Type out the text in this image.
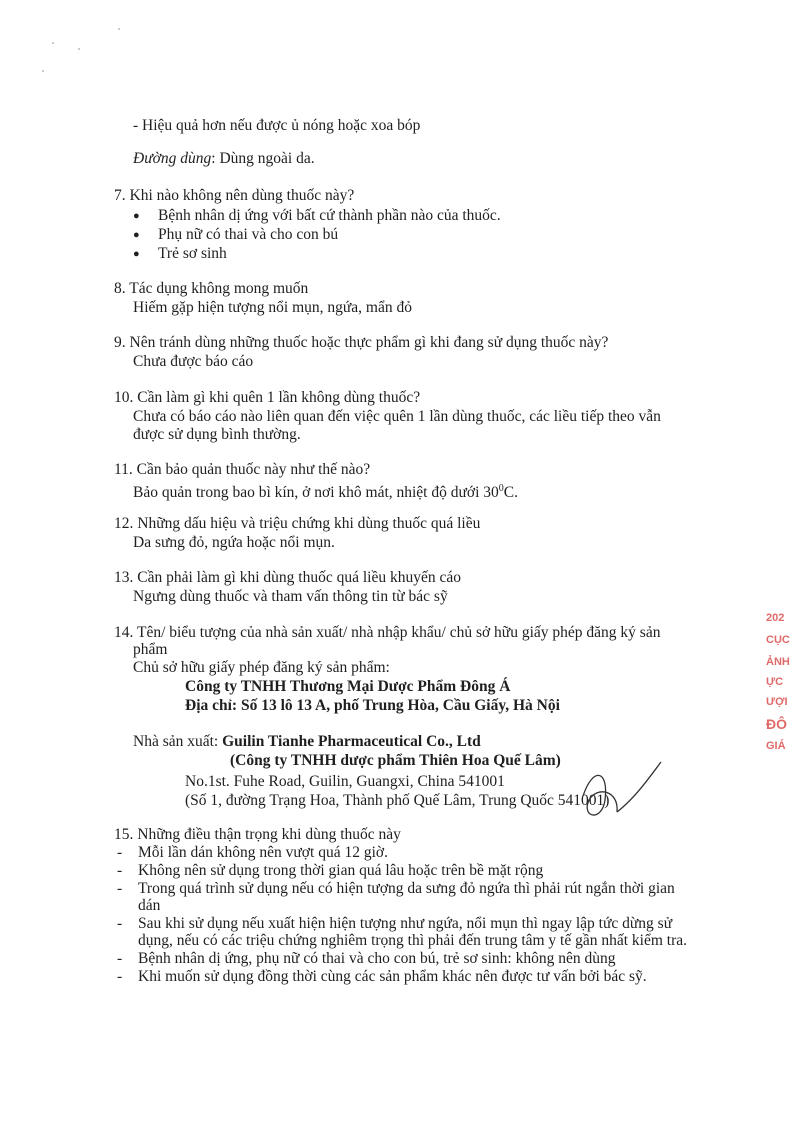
- Hiệu quả hơn nếu được ủ nóng hoặc xoa bóp
Đường dùng: Dùng ngoài da.
7. Khi nào không nên dùng thuốc này?
● Bệnh nhân dị ứng với bất cứ thành phần nào của thuốc.
● Phụ nữ có thai và cho con bú
● Trẻ sơ sinh
8. Tác dụng không mong muốn
Hiếm gặp hiện tượng nổi mụn, ngứa, mẩn đỏ
9. Nên tránh dùng những thuốc hoặc thực phẩm gì khi đang sử dụng thuốc này?
Chưa được báo cáo
10. Cần làm gì khi quên 1 lần không dùng thuốc?
Chưa có báo cáo nào liên quan đến việc quên 1 lần dùng thuốc, các liều tiếp theo vẫn
được sử dụng bình thường.
11. Cần bảo quản thuốc này như thế nào?
Bảo quản trong bao bì kín, ở nơi khô mát, nhiệt độ dưới $30^0C$.
12. Những dấu hiệu và triệu chứng khi dùng thuốc quá liều
Da sưng đỏ, ngứa hoặc nổi mụn.
13. Cần phải làm gì khi dùng thuốc quá liều khuyến cáo
Ngưng dùng thuốc và tham vấn thông tin từ bác sỹ
14. Tên/ biểu tượng của nhà sản xuất/ nhà nhập khẩu/ chủ sở hữu giấy phép đăng ký sản
phẩm
Chủ sở hữu giấy phép đăng ký sản phẩm:
Công ty TNHH Thương Mại Dược Phẩm Đông Á
Địa chỉ: Số 13 lô 13 A, phố Trung Hòa, Cầu Giấy, Hà Nội
Nhà sản xuất: Guilin Tianhe Pharmaceutical Co., Ltd
(Công ty TNHH dược phẩm Thiên Hoa Quế Lâm)
No.1st. Fuhe Road, Guilin, Guangxi, China 541001
(Số 1, đường Trạng Hoa, Thành phố Quế Lâm, Trung Quốc 541001)
15. Những điều thận trọng khi dùng thuốc này
- Mỗi lần dán không nên vượt quá 12 giờ.
- Không nên sử dụng trong thời gian quá lâu hoặc trên bề mặt rộng
- Trong quá trình sử dụng nếu có hiện tượng da sưng đỏ ngứa thì phải rút ngắn thời gian
dán
- Sau khi sử dụng nếu xuất hiện hiện tượng như ngứa, nổi mụn thì ngay lập tức dừng sử
dụng, nếu có các triệu chứng nghiêm trọng thì phải đến trung tâm y tế gần nhất kiểm tra.
- Bệnh nhân dị ứng, phụ nữ có thai và cho con bú, trẻ sơ sinh: không nên dùng
- Khi muốn sử dụng đồng thời cùng các sản phẩm khác nên được tư vấn bởi bác sỹ.
202
CỤC
ẢNH
ỰC
ƯỢI
ĐÔ
GIÁ
